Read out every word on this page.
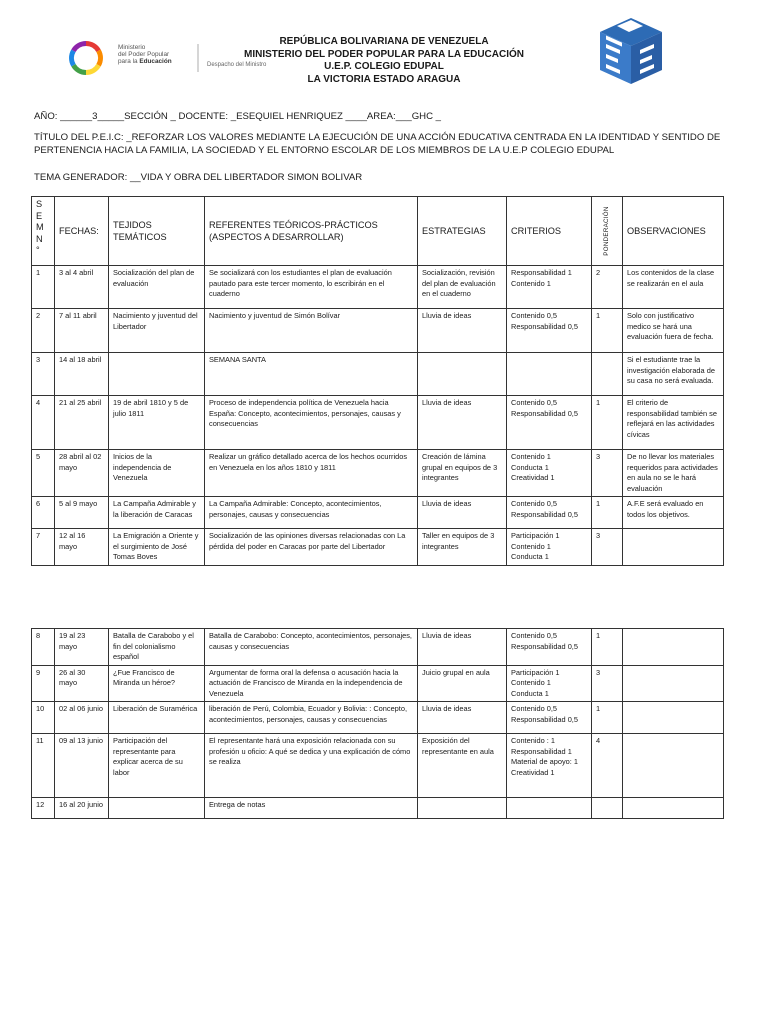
Ministerio
del Poder Popular
para la Educación	Despacho del Ministro
REPÚBLICA BOLIVARIANA DE VENEZUELA
MINISTERIO DEL PODER POPULAR PARA LA EDUCACIÓN
U.E.P. COLEGIO EDUPAL
LA VICTORIA ESTADO ARAGUA
AÑO: ______3_____SECCIÓN _ DOCENTE: _ESEQUIEL HENRIQUEZ ____AREA:___GHC _
TÍTULO DEL P.E.I.C: _REFORZAR LOS VALORES MEDIANTE LA EJECUCIÓN DE UNA ACCIÓN EDUCATIVA CENTRADA EN LA IDENTIDAD Y SENTIDO DE PERTENENCIA HACIA LA FAMILIA, LA SOCIEDAD Y EL ENTORNO ESCOLAR DE LOS MIEMBROS DE LA U.E.P COLEGIO EDUPAL
TEMA GENERADOR: __VIDA Y OBRA DEL LIBERTADOR SIMON BOLIVAR
S
E
M
N
°	FECHAS:	TEJIDOS
TEMÁTICOS	REFERENTES TEÓRICOS-PRÁCTICOS
(ASPECTOS A DESARROLLAR)	ESTRATEGIAS	CRITERIOS	PONDERACIÓN	OBSERVACIONES
1	3 al 4 abril	Socialización del plan de evaluación	Se socializará con los estudiantes el plan de evaluación pautado para este tercer momento, lo escribirán en el cuaderno	Socialización, revisión del plan de evaluación en el cuaderno	Responsabilidad 1
Contenido 1	2	Los contenidos de la clase se realizarán en el aula
2	7 al 11 abril	Nacimiento y juventud del Libertador	Nacimiento y juventud de Simón Bolívar	Lluvia de ideas	Contenido 0,5
Responsabilidad 0,5	1	Solo con justificativo medico se hará una evaluación fuera de fecha.
3	14 al 18 abril		SEMANA SANTA				Si el estudiante trae la investigación elaborada de su casa no será evaluada.
4	21 al 25 abril	19 de abril 1810 y 5 de julio 1811	Proceso de independencia política de Venezuela hacia España: Concepto, acontecimientos, personajes, causas y consecuencias	Lluvia de ideas	Contenido 0,5
Responsabilidad 0,5	1	El criterio de responsabilidad también se reflejará en las actividades cívicas
5	28 abril al 02 mayo	Inicios de la independencia de Venezuela	Realizar un gráfico detallado acerca de los hechos ocurridos en Venezuela en los años 1810 y 1811	Creación de lámina grupal en equipos de 3 integrantes	Contenido 1
Conducta 1
Creatividad 1	3	De no llevar los materiales requeridos para actividades en aula no se le hará evaluación
6	5 al 9 mayo	La Campaña Admirable y la liberación de Caracas	La Campaña Admirable: Concepto, acontecimientos, personajes, causas y consecuencias	Lluvia de ideas	Contenido 0,5
Responsabilidad 0,5	1	A.F.E será evaluado en todos los objetivos.
7	12 al 16 mayo	La Emigración a Oriente y el surgimiento de José Tomas Boves	Socialización de las opiniones diversas relacionadas con La pérdida del poder en Caracas por parte del Libertador	Taller en equipos de 3 integrantes	Participación 1
Contenido 1
Conducta 1	3	
8	19 al 23 mayo	Batalla de Carabobo y el fin del colonialismo español	Batalla de Carabobo: Concepto, acontecimientos, personajes, causas y consecuencias	Lluvia de ideas	Contenido 0,5
Responsabilidad 0,5	1	
9	26 al 30 mayo	¿Fue Francisco de Miranda un héroe?	Argumentar de forma oral la defensa o acusación hacia la actuación de Francisco de Miranda en la independencia de Venezuela	Juicio grupal en aula	Participación 1
Contenido 1
Conducta 1	3	
10	02 al 06 junio	Liberación de Suramérica	liberación de Perú, Colombia, Ecuador y Bolivia: : Concepto, acontecimientos, personajes, causas y consecuencias	Lluvia de ideas	Contenido 0,5
Responsabilidad 0,5	1	
11	09 al 13 junio	Participación del representante para explicar acerca de su labor	El representante hará una exposición relacionada con su profesión u oficio: A qué se dedica y una explicación de cómo se realiza	Exposición del representante en aula	Contenido : 1
Responsabilidad 1
Material de apoyo: 1
Creatividad 1	4	
12	16 al 20 junio		Entrega de notas				
